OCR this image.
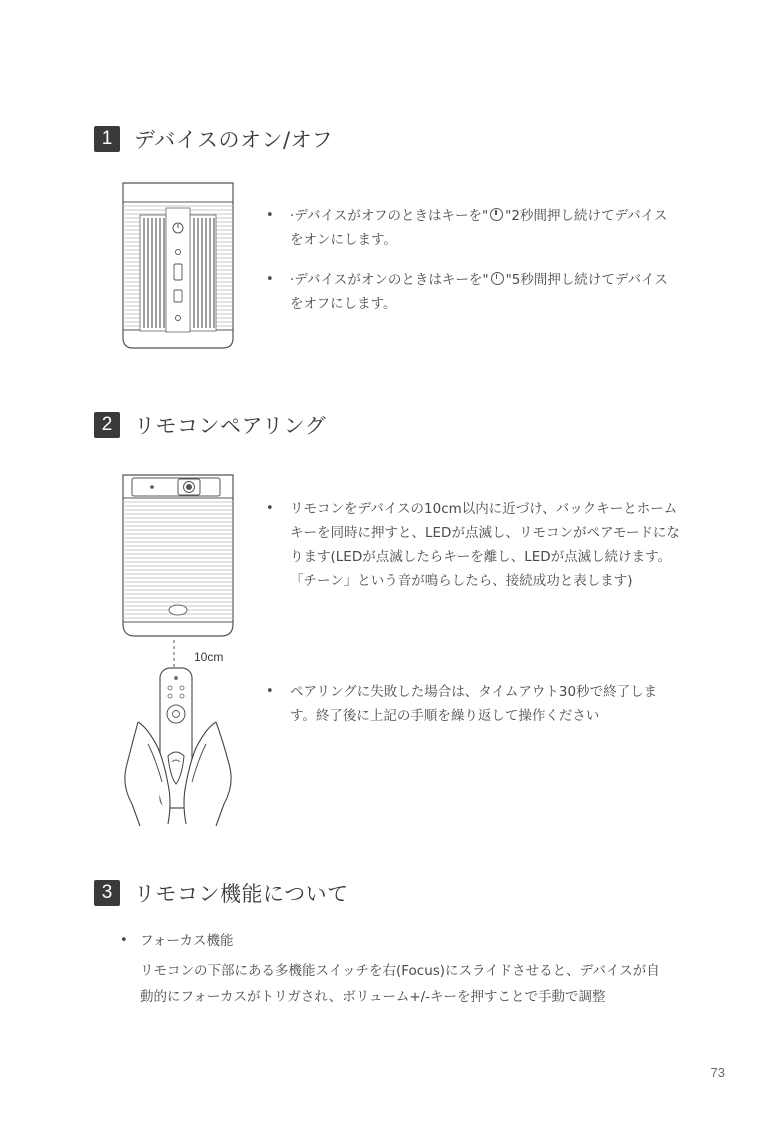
1	デバイスのオン/オフ
•	·デバイスがオフのときはキーを" "2秒間押し続けてデバイスをオンにします。
•	·デバイスがオンのときはキーを" "5秒間押し続けてデバイスをオフにします。
2	リモコンペアリング
10cm
•	リモコンをデバイスの10cm以内に近づけ、バックキーとホームキーを同時に押すと、LEDが点滅し、リモコンがペアモードになります(LEDが点滅したらキーを離し、LEDが点滅し続けます。「チーン」という音が鳴らしたら、接続成功と表します)
•	ペアリングに失敗した場合は、タイムアウト30秒で終了します。終了後に上記の手順を繰り返して操作ください
3	リモコン機能について
• フォーカス機能
リモコンの下部にある多機能スイッチを右(Focus)にスライドさせると、デバイスが自動的にフォーカスがトリガされ、ボリューム+/-キーを押すことで手動で調整
73
